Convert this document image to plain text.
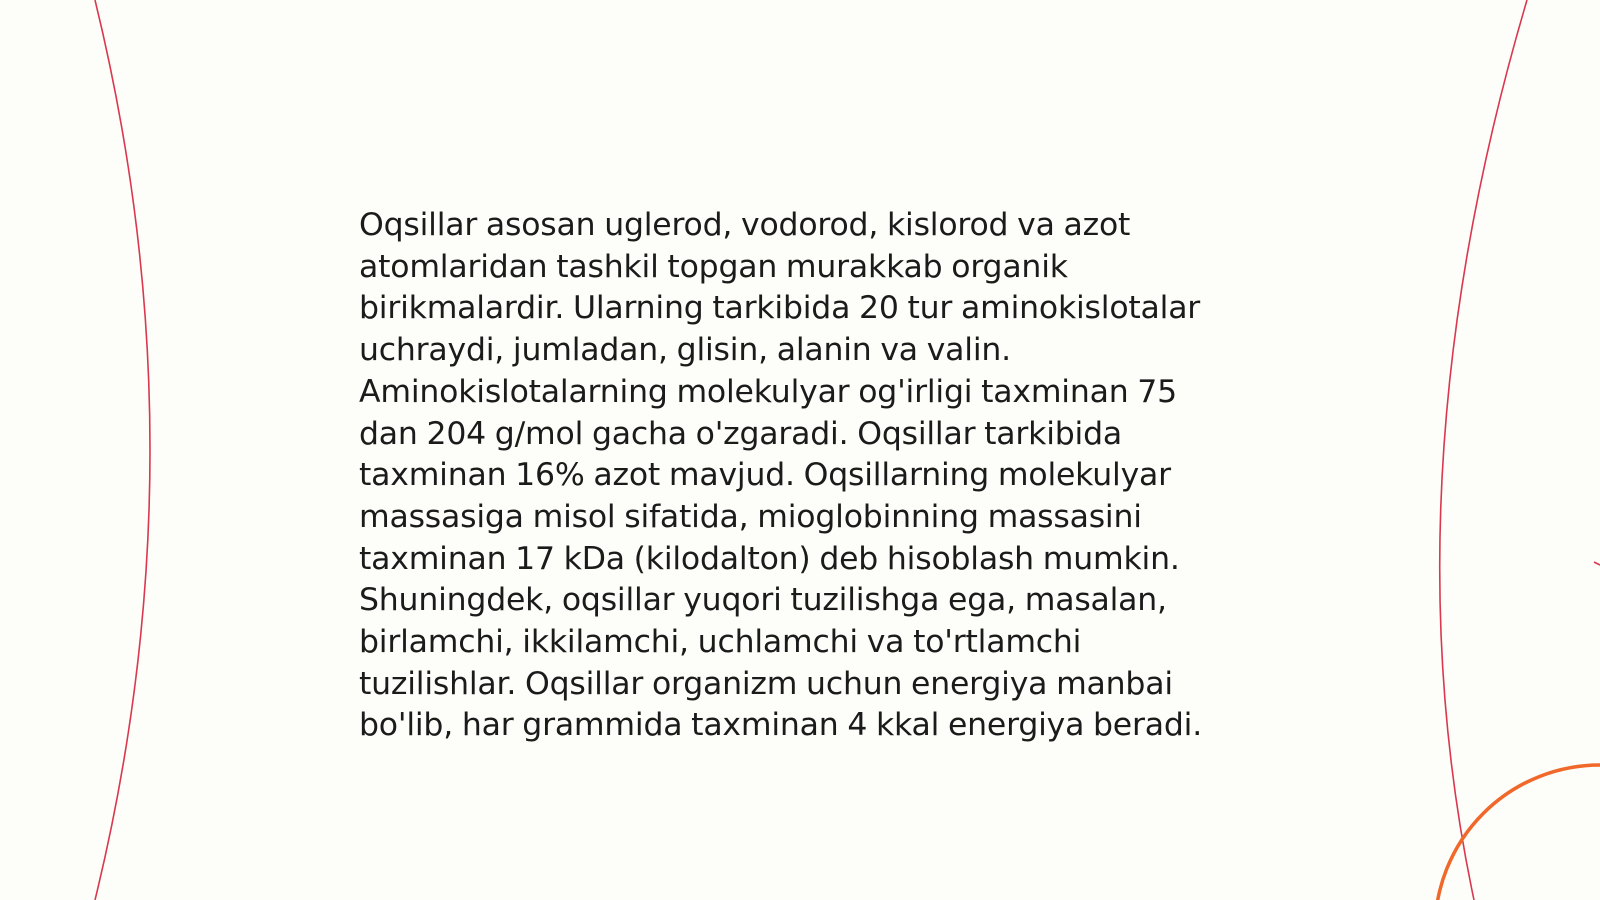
Oqsillar asosan uglerod, vodorod, kislorod va azot atomlaridan tashkil topgan murakkab organik birikmalardir. Ularning tarkibida 20 tur aminokislotalar uchraydi, jumladan, glisin, alanin va valin. Aminokislotalarning molekulyar og'irligi taxminan 75 dan 204 g/mol gacha o'zgaradi. Oqsillar tarkibida taxminan 16% azot mavjud. Oqsillarning molekulyar massasiga misol sifatida, mioglobinning massasini taxminan 17 kDa (kilodalton) deb hisoblash mumkin. Shuningdek, oqsillar yuqori tuzilishga ega, masalan, birlamchi, ikkilamchi, uchlamchi va to'rtlamchi tuzilishlar. Oqsillar organizm uchun energiya manbai bo'lib, har grammida taxminan 4 kkal energiya beradi.
